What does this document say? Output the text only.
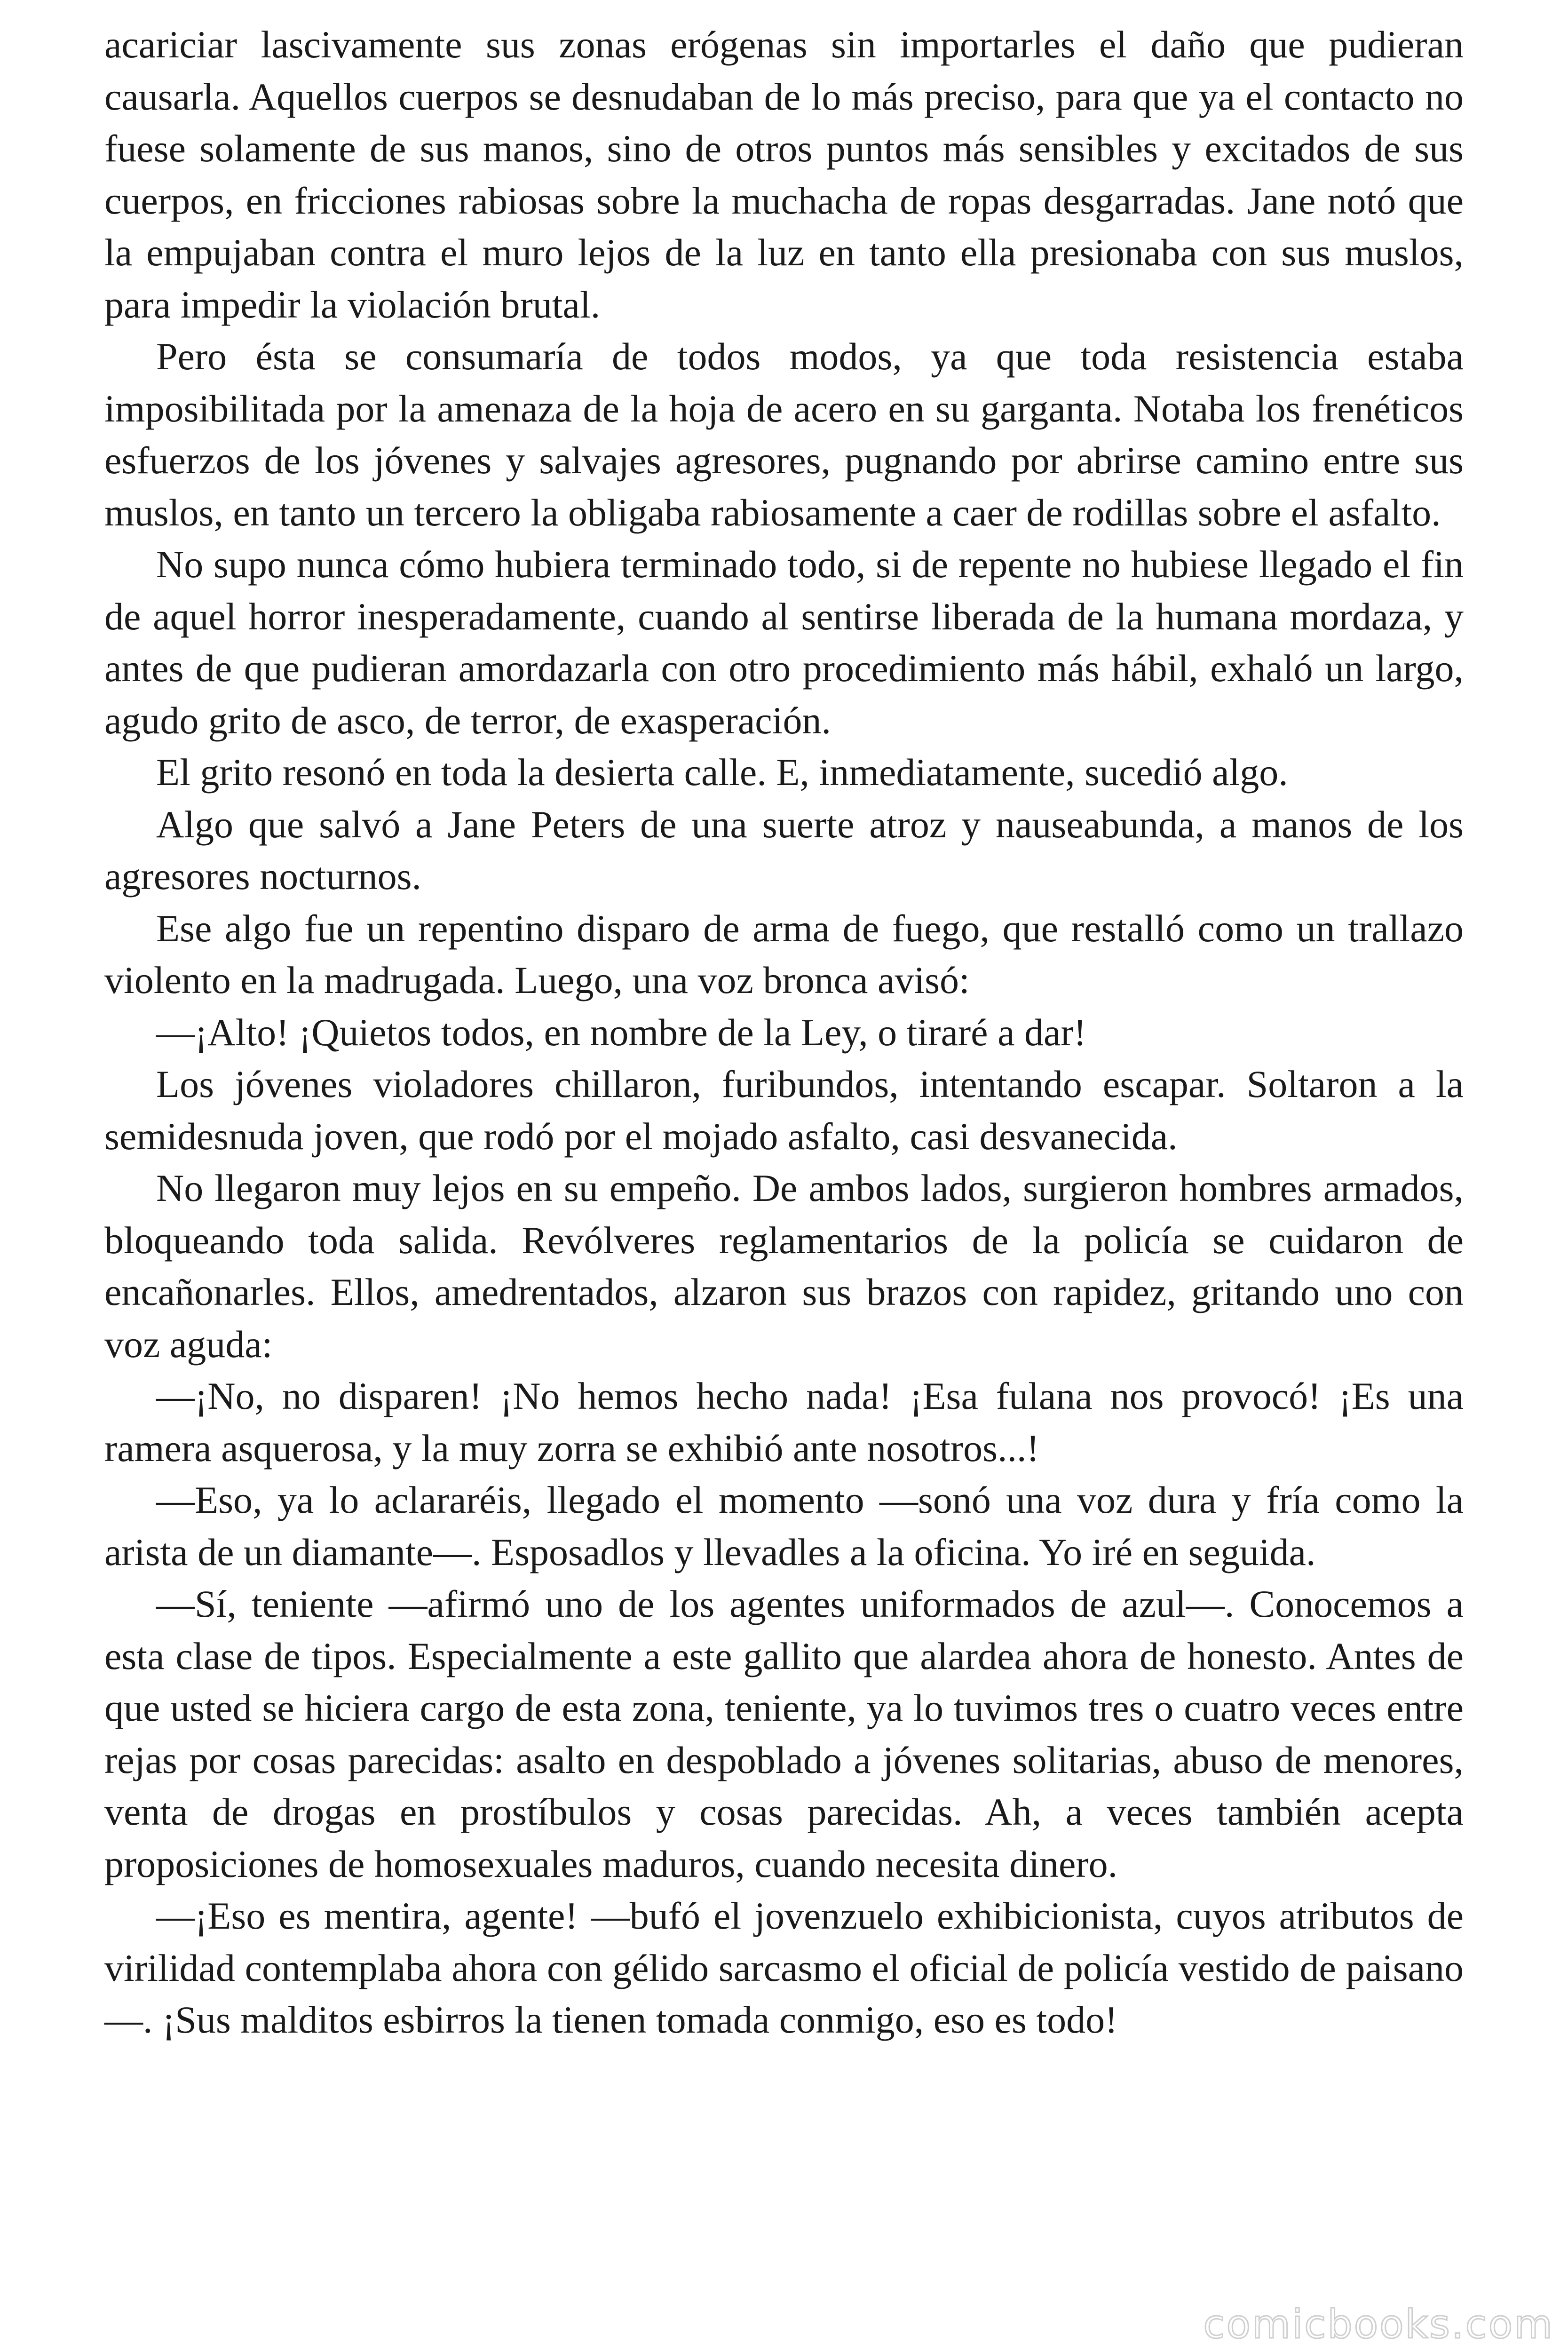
acariciar lascivamente sus zonas erógenas sin importarles el daño que pudieran causarla. Aquellos cuerpos se desnudaban de lo más preciso, para que ya el contacto no fuese solamente de sus manos, sino de otros puntos más sensibles y excitados de sus cuerpos, en fricciones rabiosas sobre la muchacha de ropas desgarradas. Jane notó que la empujaban contra el muro lejos de la luz en tanto ella presionaba con sus muslos, para impedir la violación brutal.

Pero ésta se consumaría de todos modos, ya que toda resistencia estaba imposibilitada por la amenaza de la hoja de acero en su garganta. Notaba los frenéticos esfuerzos de los jóvenes y salvajes agresores, pugnando por abrirse camino entre sus muslos, en tanto un tercero la obligaba rabiosamente a caer de rodillas sobre el asfalto.

No supo nunca cómo hubiera terminado todo, si de repente no hubiese llegado el fin de aquel horror inesperadamente, cuando al sentirse liberada de la humana mordaza, y antes de que pudieran amordazarla con otro procedimiento más hábil, exhaló un largo, agudo grito de asco, de terror, de exasperación.

El grito resonó en toda la desierta calle. E, inmediatamente, sucedió algo.

Algo que salvó a Jane Peters de una suerte atroz y nauseabunda, a manos de los agresores nocturnos.

Ese algo fue un repentino disparo de arma de fuego, que restalló como un trallazo violento en la madrugada. Luego, una voz bronca avisó:

—¡Alto! ¡Quietos todos, en nombre de la Ley, o tiraré a dar!

Los jóvenes violadores chillaron, furibundos, intentando escapar. Soltaron a la semidesnuda joven, que rodó por el mojado asfalto, casi desvanecida.

No llegaron muy lejos en su empeño. De ambos lados, surgieron hombres armados, bloqueando toda salida. Revólveres reglamentarios de la policía se cuidaron de encañonarles. Ellos, amedrentados, alzaron sus brazos con rapidez, gritando uno con voz aguda:

—¡No, no disparen! ¡No hemos hecho nada! ¡Esa fulana nos provocó! ¡Es una ramera asquerosa, y la muy zorra se exhibió ante nosotros...!

—Eso, ya lo aclararéis, llegado el momento —sonó una voz dura y fría como la arista de un diamante—. Esposadlos y llevadles a la oficina. Yo iré en seguida.

—Sí, teniente —afirmó uno de los agentes uniformados de azul—. Conocemos a esta clase de tipos. Especialmente a este gallito que alardea ahora de honesto. Antes de que usted se hiciera cargo de esta zona, teniente, ya lo tuvimos tres o cuatro veces entre rejas por cosas parecidas: asalto en despoblado a jóvenes solitarias, abuso de menores, venta de drogas en prostíbulos y cosas parecidas. Ah, a veces también acepta proposiciones de homosexuales maduros, cuando necesita dinero.

—¡Eso es mentira, agente! —bufó el jovenzuelo exhibicionista, cuyos atributos de virilidad contemplaba ahora con gélido sarcasmo el oficial de policía vestido de paisano—. ¡Sus malditos esbirros la tienen tomada conmigo, eso es todo!

comicbooks.com
